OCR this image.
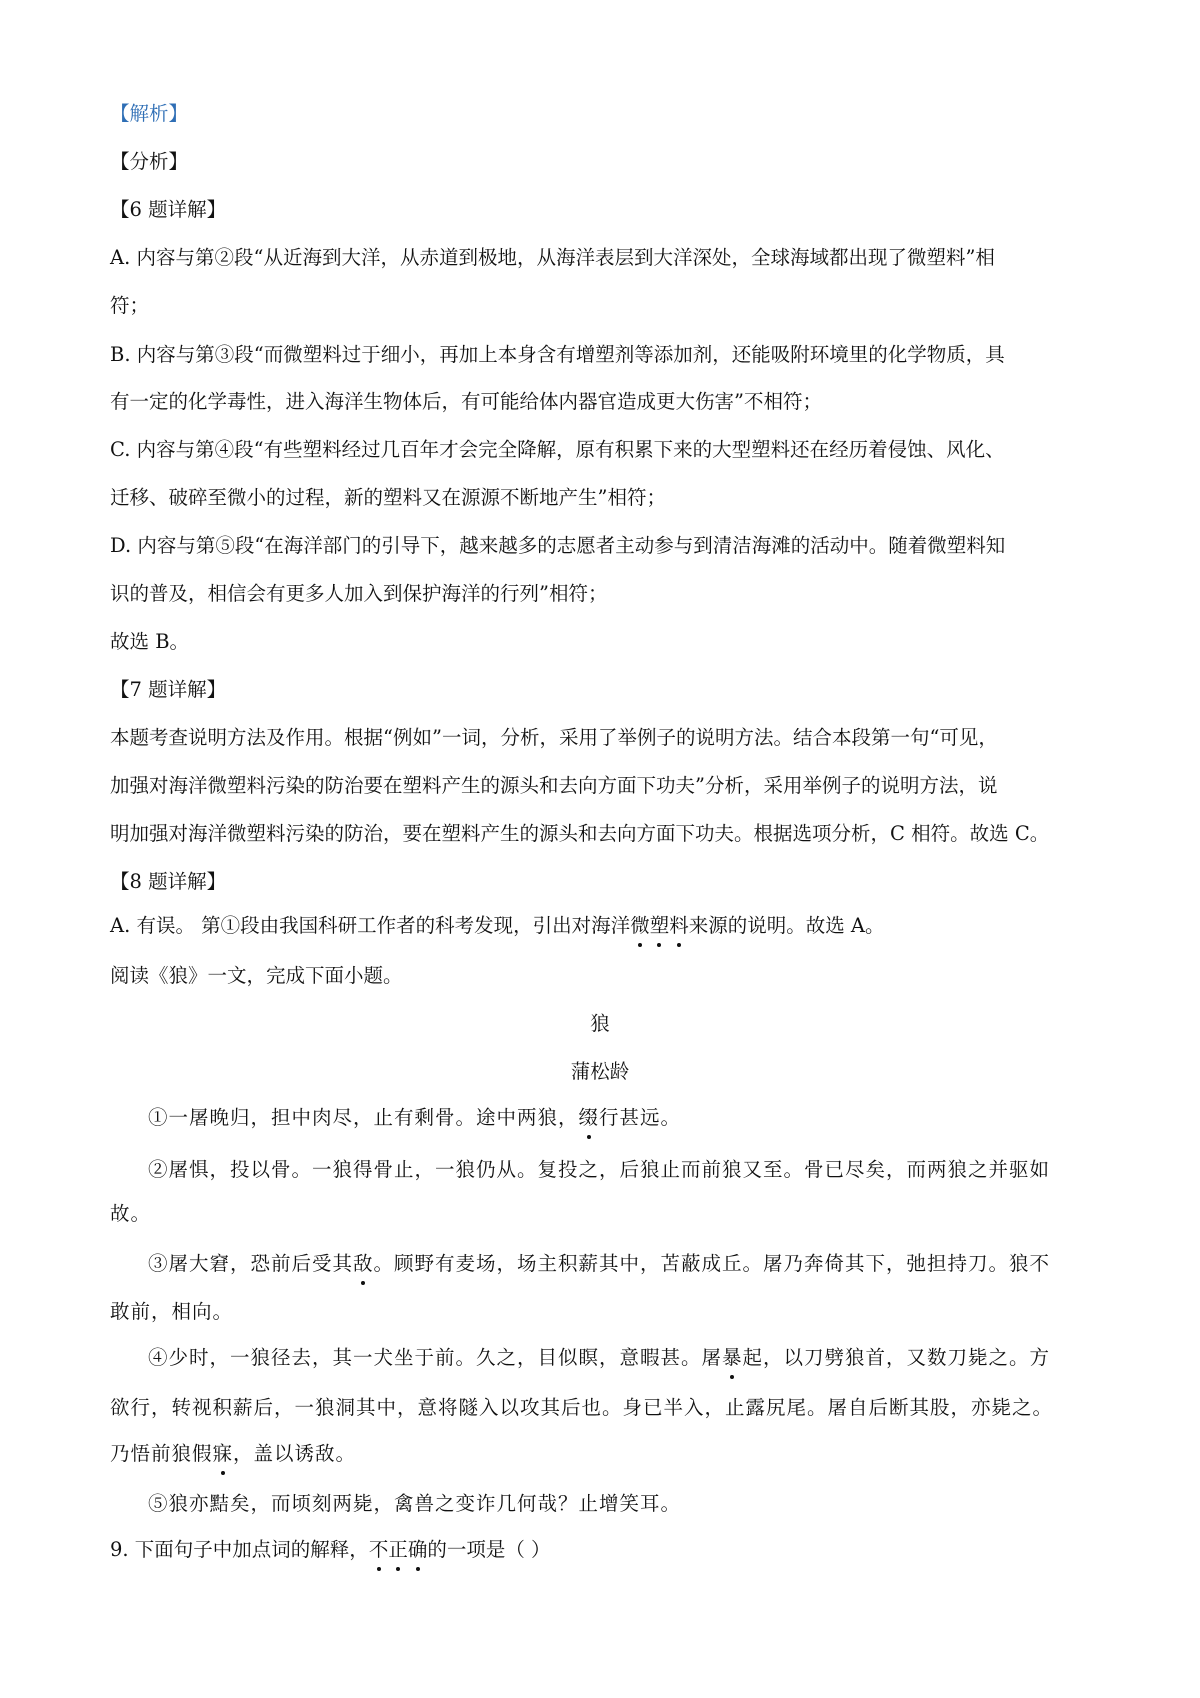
【解析】
【分析】
【6 题详解】
A. 内容与第②段“从近海到大洋，从赤道到极地，从海洋表层到大洋深处，全球海域都出现了微塑料”相
符；
B. 内容与第③段“而微塑料过于细小，再加上本身含有增塑剂等添加剂，还能吸附环境里的化学物质，具
有一定的化学毒性，进入海洋生物体后，有可能给体内器官造成更大伤害”不相符；
C. 内容与第④段“有些塑料经过几百年才会完全降解，原有积累下来的大型塑料还在经历着侵蚀、风化、
迁移、破碎至微小的过程，新的塑料又在源源不断地产生”相符；
D. 内容与第⑤段“在海洋部门的引导下，越来越多的志愿者主动参与到清洁海滩的活动中。随着微塑料知
识的普及，相信会有更多人加入到保护海洋的行列”相符；
故选 B。
【7 题详解】
本题考查说明方法及作用。根据“例如”一词，分析，采用了举例子的说明方法。结合本段第一句“可见，
加强对海洋微塑料污染的防治要在塑料产生的源头和去向方面下功夫”分析，采用举例子的说明方法，说
明加强对海洋微塑料污染的防治，要在塑料产生的源头和去向方面下功夫。根据选项分析，C 相符。故选 C。
【8 题详解】
A. 有误。 第①段由我国科研工作者的科考发现，引出对海洋微塑料来源的说明。故选 A。
阅读《狼》一文，完成下面小题。
狼
蒲松龄
①一屠晚归，担中肉尽，止有剩骨。途中两狼，缀行甚远。
②屠惧，投以骨。一狼得骨止，一狼仍从。复投之，后狼止而前狼又至。骨已尽矣，而两狼之并驱如
故。
③屠大窘，恐前后受其敌。顾野有麦场，场主积薪其中，苫蔽成丘。屠乃奔倚其下，弛担持刀。狼不
敢前，相向。
④少时，一狼径去，其一犬坐于前。久之，目似瞑，意暇甚。屠暴起，以刀劈狼首，又数刀毙之。方
欲行，转视积薪后，一狼洞其中，意将隧入以攻其后也。身已半入，止露尻尾。屠自后断其股，亦毙之。
乃悟前狼假寐，盖以诱敌。
⑤狼亦黠矣，而顷刻两毙，禽兽之变诈几何哉？止增笑耳。
9. 下面句子中加点词的解释，不正确的一项是（ ）
